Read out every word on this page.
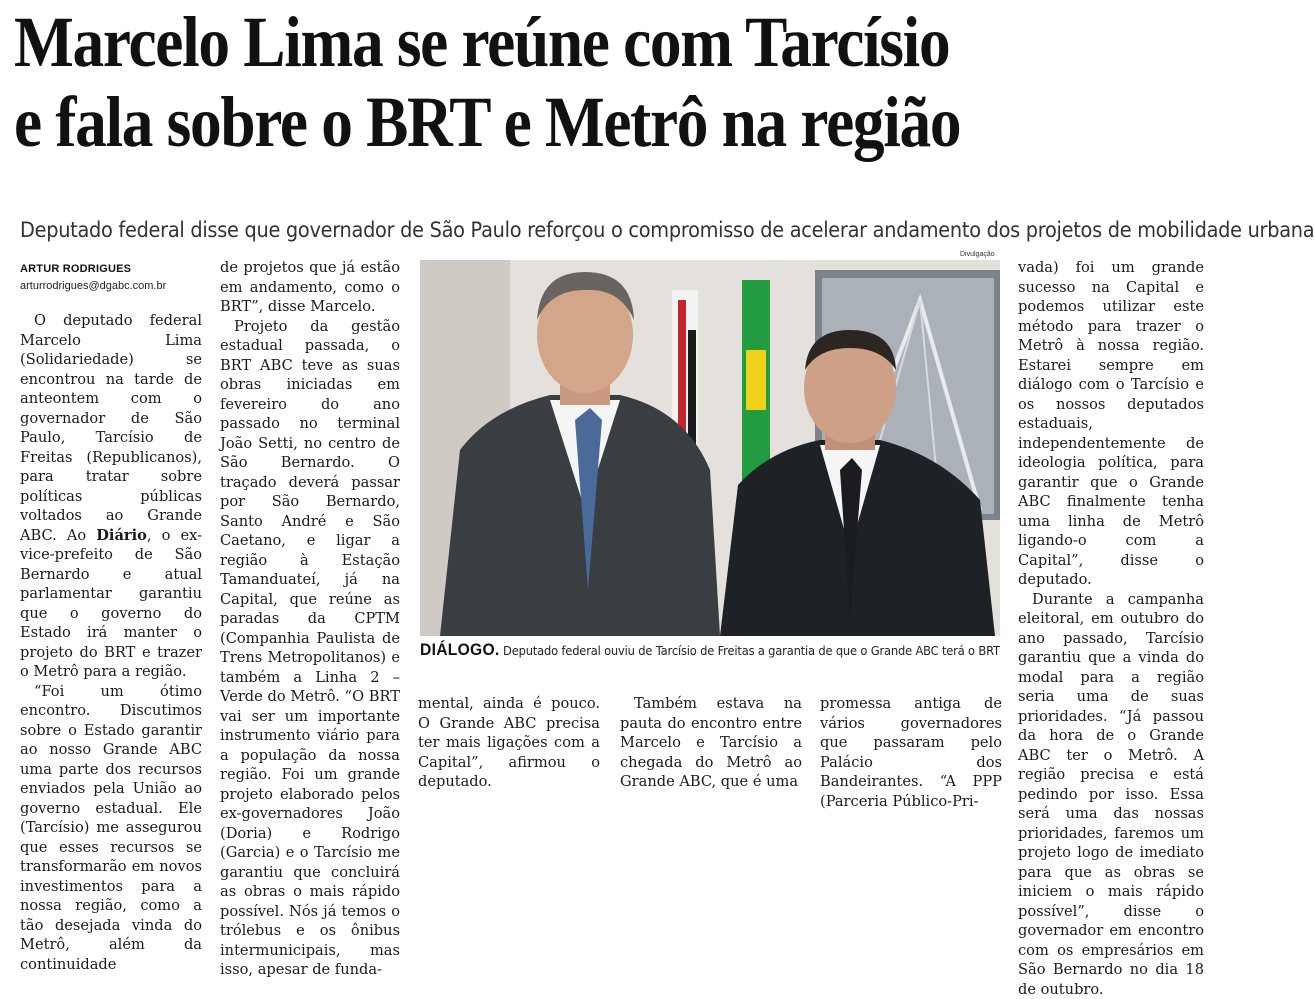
Marcelo Lima se reúne com Tarcísio
e fala sobre o BRT e Metrô na região

Deputado federal disse que governador de São Paulo reforçou o compromisso de acelerar andamento dos projetos de mobilidade urbana

ARTUR RODRIGUES
arturrodrigues@dgabc.com.br

O deputado federal Marcelo Lima (Solidariedade) se encontrou na tarde de anteontem com o governador de São Paulo, Tarcísio de Freitas (Republicanos), para tratar sobre políticas públicas voltados ao Grande ABC. Ao Diário, o ex-vice-prefeito de São Bernardo e atual parlamentar garantiu que o governo do Estado irá manter o projeto do BRT e trazer o Metrô para a região.

“Foi um ótimo encontro. Discutimos sobre o Estado garantir ao nosso Grande ABC uma parte dos recursos enviados pela União ao governo estadual. Ele (Tarcísio) me assegurou que esses recursos se transformarão em novos investimentos para a nossa região, como a tão desejada vinda do Metrô, além da continuidade

de projetos que já estão em andamento, como o BRT”, disse Marcelo.

Projeto da gestão estadual passada, o BRT ABC teve as suas obras iniciadas em fevereiro do ano passado no terminal João Setti, no centro de São Bernardo. O traçado deverá passar por São Bernardo, Santo André e São Caetano, e ligar a região à Estação Tamanduateí, já na Capital, que reúne as paradas da CPTM (Companhia Paulista de Trens Metropolitanos) e também a Linha 2 – Verde do Metrô. “O BRT vai ser um importante instrumento viário para a população da nossa região. Foi um grande projeto elaborado pelos ex-governadores João (Doria) e Rodrigo (Garcia) e o Tarcísio me garantiu que concluirá as obras o mais rápido possível. Nós já temos o trólebus e os ônibus intermunicipais, mas isso, apesar de funda-

Divulgação
DIÁLOGO. Deputado federal ouviu de Tarcísio de Freitas a garantia de que o Grande ABC terá o BRT

mental, ainda é pouco. O Grande ABC precisa ter mais ligações com a Capital”, afirmou o deputado.

Também estava na pauta do encontro entre Marcelo e Tarcísio a chegada do Metrô ao Grande ABC, que é uma

promessa antiga de vários governadores que passaram pelo Palácio dos Bandeirantes. “A PPP (Parceria Público-Pri-

vada) foi um grande sucesso na Capital e podemos utilizar este método para trazer o Metrô à nossa região. Estarei sempre em diálogo com o Tarcísio e os nossos deputados estaduais, independentemente de ideologia política, para garantir que o Grande ABC finalmente tenha uma linha de Metrô ligando-o com a Capital”, disse o deputado.

Durante a campanha eleitoral, em outubro do ano passado, Tarcísio garantiu que a vinda do modal para a região seria uma de suas prioridades. “Já passou da hora de o Grande ABC ter o Metrô. A região precisa e está pedindo por isso. Essa será uma das nossas prioridades, faremos um projeto logo de imediato para que as obras se iniciem o mais rápido possível”, disse o governador em encontro com os empresários em São Bernardo no dia 18 de outubro.
